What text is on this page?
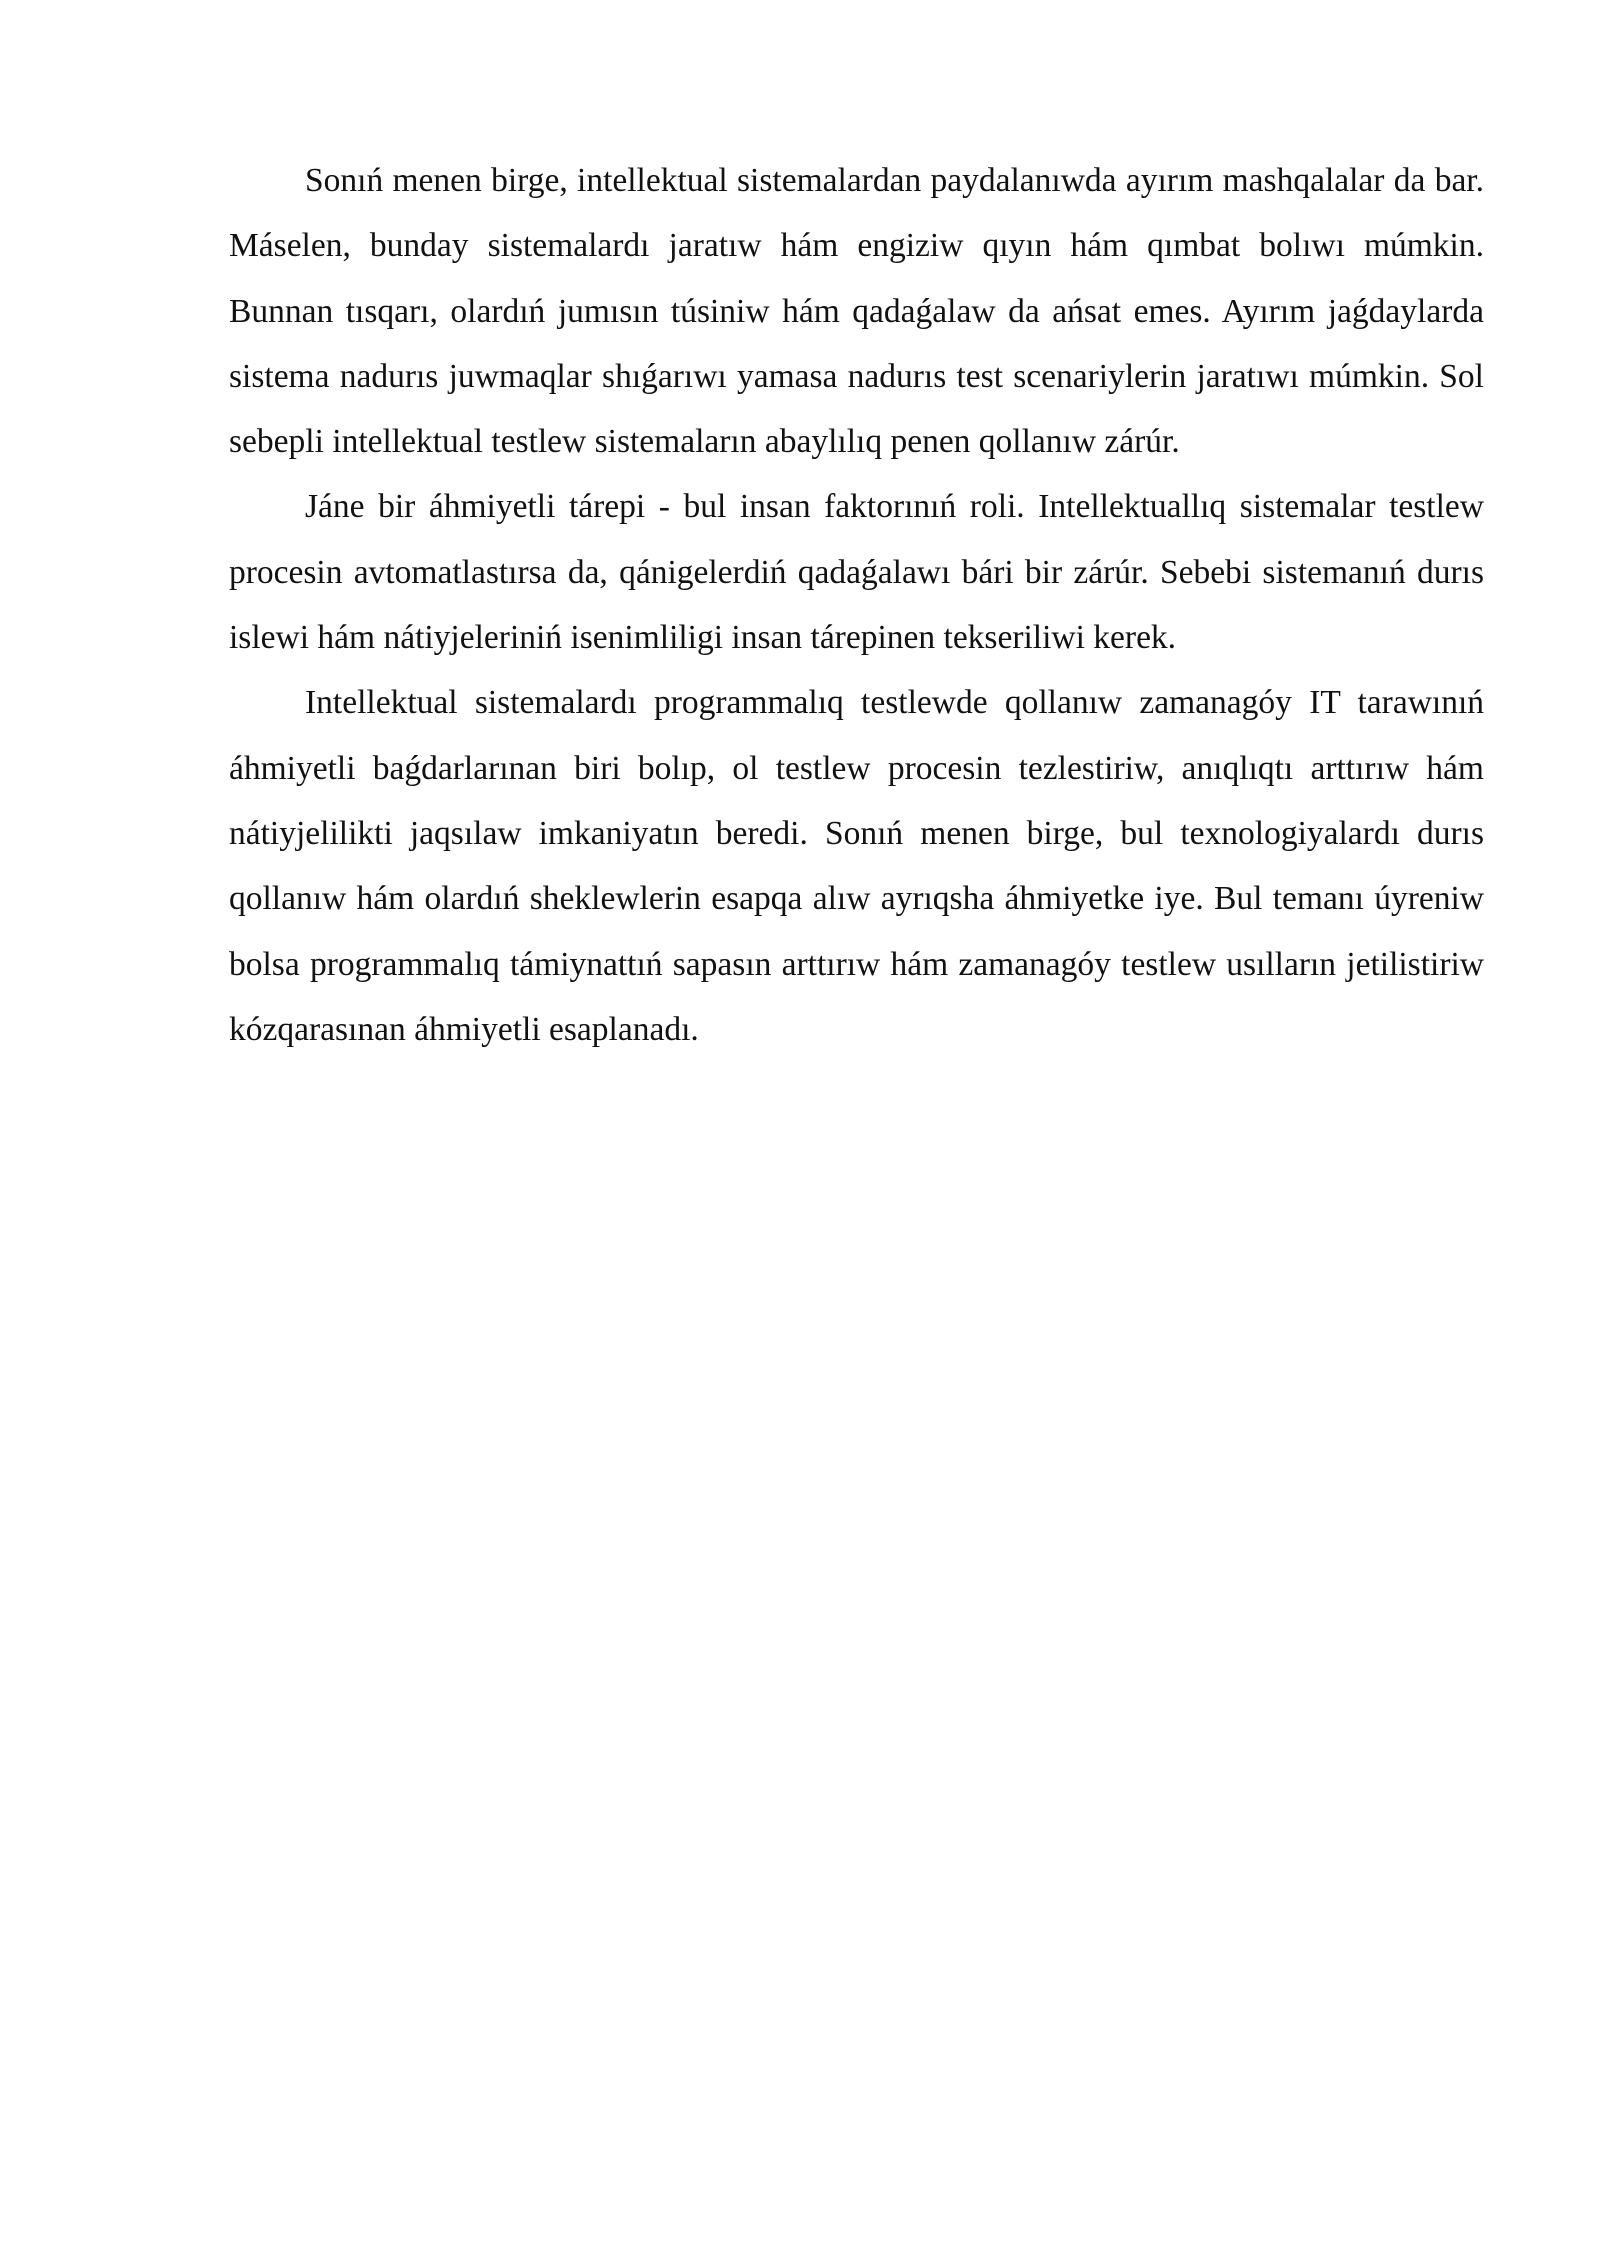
Sonıń menen birge, intellektual sistemalardan paydalanıwda ayırım mashqalalar da bar. Máselen, bunday sistemalardı jaratıw hám engiziw qıyın hám qımbat bolıwı múmkin. Bunnan tısqarı, olardıń jumısın túsiniw hám qadaǵalaw da ańsat emes. Ayırım jaǵdaylarda sistema nadurıs juwmaqlar shıǵarıwı yamasa nadurıs test scenariylerin jaratıwı múmkin. Sol sebepli intellektual testlew sistemaların abaylılıq penen qollanıw zárúr.

Jáne bir áhmiyetli tárepi - bul insan faktorınıń roli. Intellektuallıq sistemalar testlew procesin avtomatlastırsa da, qánigelerdiń qadaǵalawı bári bir zárúr. Sebebi sistemanıń durıs islewi hám nátiyjeleriniń isenimliligi insan tárepinen tekseriliwi kerek.

Intellektual sistemalardı programmalıq testlewde qollanıw zamanagóy IT tarawınıń áhmiyetli baǵdarlarınan biri bolıp, ol testlew procesin tezlestiriw, anıqlıqtı arttırıw hám nátiyjelilikti jaqsılaw imkaniyatın beredi. Sonıń menen birge, bul texnologiyalardı durıs qollanıw hám olardıń sheklewlerin esapqa alıw ayrıqsha áhmiyetke iye. Bul temanı úyreniw bolsa programmalıq támiynattıń sapasın arttırıw hám zamanagóy testlew usılların jetilistiriw kózqarasınan áhmiyetli esaplanadı.
